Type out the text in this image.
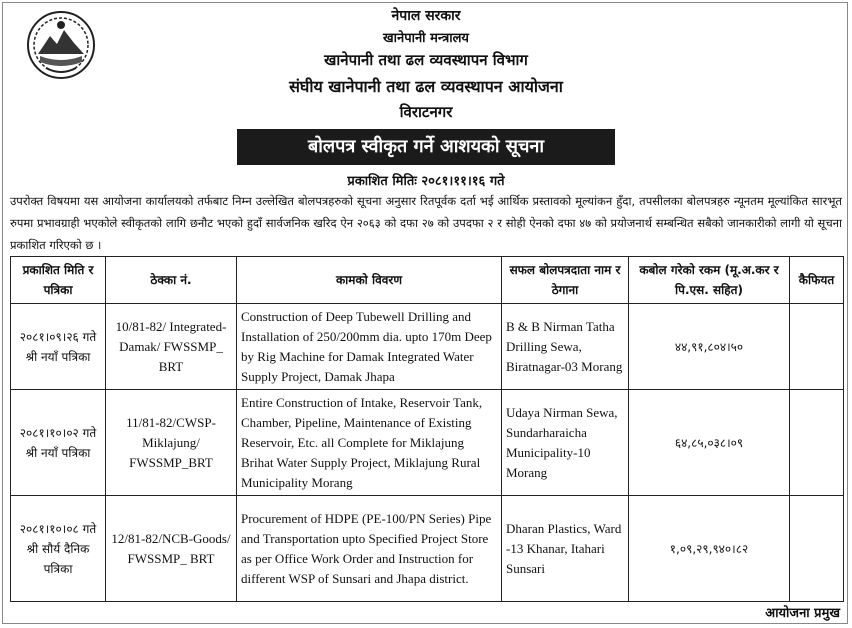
नेपाल सरकार
खानेपानी मन्त्रालय
खानेपानी तथा ढल व्यवस्थापन विभाग
संघीय खानेपानी तथा ढल व्यवस्थापन आयोजना
विराटनगर
बोलपत्र स्वीकृत गर्ने आशयको सूचना
प्रकाशित मितिः २०८१।११।१६ गते
उपरोक्त विषयमा यस आयोजना कार्यालयको तर्फबाट निम्न उल्लेखित बोलपत्रहरुको सूचना अनुसार रितपूर्वक दर्ता भई आर्थिक प्रस्तावको मूल्यांकन हुँदा, तपसीलका बोलपत्रहरु न्यूनतम मूल्यांकित सारभूत रुपमा प्रभावग्राही भएकोले स्वीकृतको लागि छनौट भएको हुदाँ सार्वजनिक खरिद ऐन २०६३ को दफा २७ को उपदफा २ र सोही ऐनको दफा ४७ को प्रयोजनार्थ सम्बन्धित सबैको जानकारीको लागी यो सूचना प्रकाशित गरिएको छ ।
प्रकाशित मिति र पत्रिका	ठेक्का नं.	कामको विवरण	सफल बोलपत्रदाता नाम र ठेगाना	कबोल गरेको रकम (मू.अ.कर र पि.एस. सहित)	कैफियत
२०८१।०९।२६ गते श्री नयाँ पत्रिका	10/81-82/ Integrated-Damak/ FWSSMP_ BRT	Construction of Deep Tubewell Drilling and Installation of 250/200mm dia. upto 170m Deep by Rig Machine for Damak Integrated Water Supply Project, Damak Jhapa	B & B Nirman Tatha Drilling Sewa, Biratnagar-03 Morang	४४,९१,८०४।५०	
२०८१।१०।०२ गते श्री नयाँ पत्रिका	11/81-82/CWSP-Miklajung/ FWSSMP_BRT	Entire Construction of Intake, Reservoir Tank, Chamber, Pipeline, Maintenance of Existing Reservoir, Etc. all Complete for Miklajung Brihat Water Supply Project, Miklajung Rural Municipality Morang	Udaya Nirman Sewa, Sundarharaicha Municipality-10 Morang	६४,८५,०३८।०९	
२०८१।१०।०८ गते श्री सौर्य दैनिक पत्रिका	12/81-82/NCB-Goods/ FWSSMP_ BRT	Procurement of HDPE (PE-100/PN Series) Pipe and Transportation upto Specified Project Store as per Office Work Order and Instruction for different WSP of Sunsari and Jhapa district.	Dharan Plastics, Ward -13 Khanar, Itahari Sunsari	१,०९,२९,९४०।८२	
आयोजना प्रमुख
